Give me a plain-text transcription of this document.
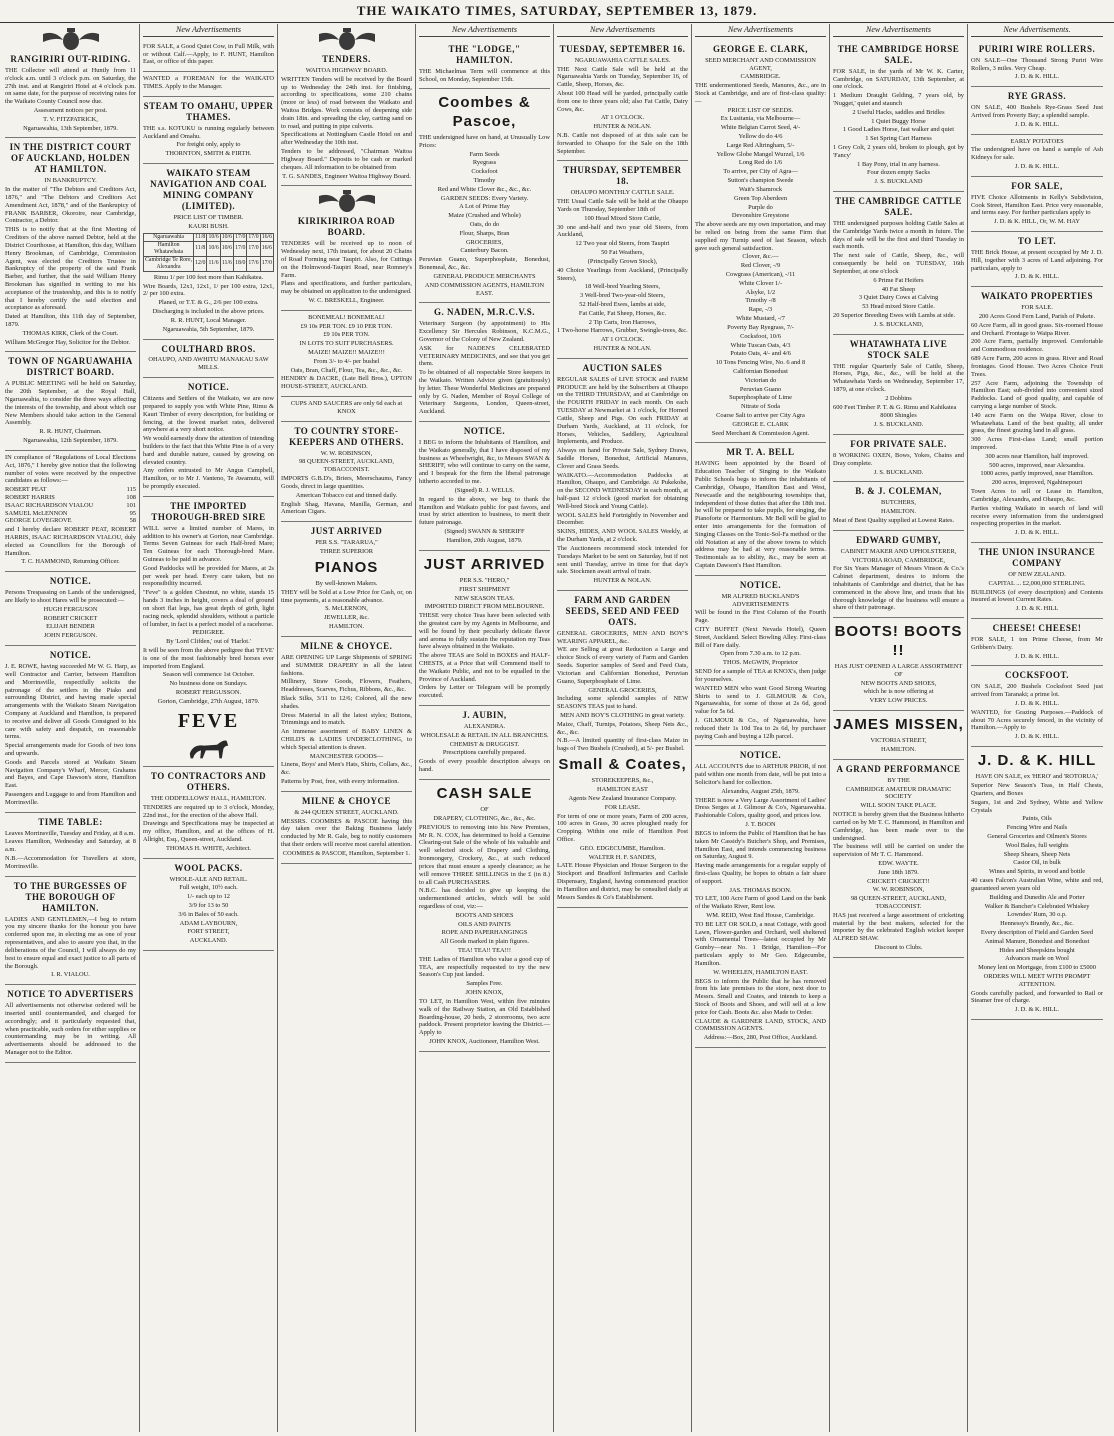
THE WAIKATO TIMES, SATURDAY, SEPTEMBER 13, 1879.
RANGIRIRI OUT-RIDING.
THE Collector will attend at Huntly from 11 o'clock a.m. until 3 o'clock p.m. on Saturday, the 27th inst. and at Rangiriri Hotel at 4 o'clock p.m. on same date, for the purpose of receiving rates for the Waikato County Council now due.
Assessment notices per post.
T. V. FITZPATRICK,
Ngaruawahia, 13th September, 1879.
IN THE DISTRICT COURT OF AUCKLAND, HOLDEN AT HAMILTON.
IN BANKRUPTCY.
In the matter of "The Debtors and Creditors Act, 1876," and "The Debtors and Creditors Act Amendment Act, 1878," and of the Bankruptcy of FRANK BARBER, Okoroire, near Cambridge, Contractor, a Debtor.
THIS is to notify that at the first Meeting of Creditors of the above named Debtor, held at the District Courthouse, at Hamilton, this day, William Henry Brookman, of Cambridge, Commission Agent, was elected the Creditors Trustee in Bankruptcy of the property of the said Frank Barber, and further, that the said William Henry Brookman has signified in writing to me his acceptance of the trusteeship, and this is to notify that I hereby certify the said election and acceptance as aforesaid.
Dated at Hamilton, this 11th day of September, 1879.
THOMAS KIRK, Clerk of the Court.
William McGregor Hay, Solicitor for the Debtor.
TOWN OF NGARUAWAHIA DISTRICT BOARD.
A PUBLIC MEETING will be held on Saturday, the 20th September, at the Royal Hall, Ngaruawahia, to consider the three ways affecting the interests of the township, and about which our New Members should take action in the General Assembly.
R. R. HUNT, Chairman.
Ngaruawahia, 12th September, 1879.
IN compliance of "Regulations of Local Elections Act, 1876," I hereby give notice that the following number of votes were received by the respective candidates as follows:—
ROBERT PEAT	115
ROBERT HARRIS	108
ISAAC RICHARDSON VIALOU	101
SAMUEL McLENNON	95
GEORGE LOVEGROVE	58
and I hereby declare ROBERT PEAT, ROBERT HARRIS, ISAAC RICHARDSON VIALOU, duly elected as Councillors for the Borough of Hamilton.
T. C. HAMMOND, Returning Officer.
NOTICE.
Persons Trespassing on Lands of the undersigned, are likely to shoot Hares will be prosecuted:—
HUGH FERGUSON
ROBERT CRICKET
ELIJAH BENDER
JOHN FERGUSON.
NOTICE.
J. E. ROWE, having succeeded Mr W. G. Harp, as well Contractor and Carrier, between Hamilton and Morrinsville, respectfully solicits the patronage of the settlers in the Piako and surrounding District, and having made special arrangements with the Waikato Steam Navigation Company at Auckland and Hamilton, is prepared to receive and deliver all Goods Consigned to his care with safety and despatch, on reasonable terms.
Special arrangements made for Goods of two tons and upwards.
Goods and Parcels stored at Waikato Steam Navigation Company's Wharf, Mercer, Grahams and Bayes, and Cape Dawson's store, Hamilton East.
Passengers and Luggage to and from Hamilton and Morrinsville.
TIME TABLE:
Leaves Morrinsville, Tuesday and Friday, at 8 a.m.
Leaves Hamilton, Wednesday and Saturday, at 8 a.m.
N.B.—Accommodation for Travellers at store, Morrinsville.
TO THE BURGESSES OF THE BOROUGH OF HAMILTON.
LADIES AND GENTLEMEN,—I beg to return you my sincere thanks for the honour you have conferred upon me, in electing me as one of your representatives, and also to assure you that, in the deliberations of the Council, I will always do my best to ensure equal and exact justice to all parts of the Borough.
I. R. VIALOU.
NOTICE TO ADVERTISERS
All advertisements not otherwise ordered will be inserted until countermanded, and charged for accordingly; and it particularly requested that, when practicable, such orders for either supplies or countermanding may be in writing. All advertisements should be addressed to the Manager not to the Editor.
New Advertisements
FOR SALE, a Good Quiet Cow, in Full Milk, with or without Calf.—Apply, to F. HUNT, Hamilton East, or office of this paper.
WANTED a FOREMAN for the WAIKATO TIMES. Apply to the Manager.
STEAM TO OMAHU, UPPER THAMES.
THE s.s. KOTUKU is running regularly between Auckland and Omahu.
For freight only, apply to
THORNTON, SMITH & FIRTH.
WAIKATO STEAM NAVIGATION AND COAL MINING COMPANY (LIMITED).
PRICE LIST OF TIMBER.
KAURI BUSH.
Ngaruawahia	11/8	10/6	10/6	17/0	17/0	16/6
Hamilton Whatawhata	11/8	10/6	10/6	17/0	17/0	16/6
Cambridge Te Rore, Alexandra	12/0	11/6	11/6	18/0	17/6	17/0
Rimu 1/ per 100 feet more than Kahikatea.
Wire Boards, 12x1, 12x1, 1/ per 100 extra, 12x1, 2/ per 100 extra.
Planed, or T.T. & G., 2/6 per 100 extra.
Discharging is included in the above prices.
R. R. HUNT, Local Manager.
Ngaruawahia, 5th September, 1879.
COULTHARD BROS.
OHAUPO, AND AWHITU MANAKAU SAW MILLS.
NOTICE.
Citizens and Settlers of the Waikato, we are now prepared to supply you with White Pine, Rimu & Kauri Timber of every description, for building or fencing, at the lowest market rates, delivered anywhere at a very short notice.
We would earnestly draw the attention of intending builders to the fact that this White Pine is of a very hard and durable nature, caused by growing on elevated country.
Any orders entrusted to Mr Angus Campbell, Hamilton, or to Mr J. Vanteno, Te Awamutu, will be promptly executed.
THE IMPORTED THOROUGH-BRED SIRE
WILL serve a limited number of Mares, in addition to his owner's at Gorton, near Cambridge. Terms Seven Guineas for each Half-bred Mare; Ten Guineas for each Thorough-bred Mare. Guineas to be paid in advance.
Good Paddocks will be provided for Mares, at 2s per week per head. Every care taken, but no responsibility incurred.
"Feve" is a golden Chestnut, no white, stands 15 hands 3 inches in height, covers a deal of ground on short flat legs, has great depth of girth, light racing neck, splendid shoulders, without a particle of lumber, in fact is a perfect model of a racehorse.
PEDIGREE.
By 'Lord Clifden,' out of 'Harlot.'
It will be seen from the above pedigree that 'FEVE' is one of the most fashionably bred horses ever imported from England.
Season will commence 1st October.
No business done on Sundays.
ROBERT FERGUSSON.
Gorton, Cambridge, 27th August, 1879.
FEVE
TO CONTRACTORS AND OTHERS.
THE ODDFELLOWS' HALL, HAMILTON.
TENDERS are required up to 3 o'clock, Monday, 22nd inst., for the erection of the above Hall.
Drawings and Specifications may be inspected at my office, Hamilton, and at the offices of H. Allright, Esq., Queen-street, Auckland.
THOMAS H. WHITE, Architect.
WOOL PACKS.
WHOLE-ALE AND RETAIL.
Full weight, 10½ each.
1/- each up to 12
3/9 for 13 to 50
3/6 in Bales of 50 each.
ADAM LAYBOURN,
FORT STREET,
AUCKLAND.
TENDERS.
WAITOA HIGHWAY BOARD.
WRITTEN Tenders will be received by the Board up to Wednesday the 24th inst. for finishing, according to specifications, some 210 chains (more or less) of road between the Waikato and Waitoa Bridges. Work consists of deepening side drain 18in. and spreading the clay, carting sand on to road, and putting in pipe culverts.
Specifications at Nottingham Castle Hotel on and after Wednesday the 10th inst.
Tenders to be addressed, "Chairman Waitoa Highway Board." Deposits to be cash or marked cheques. All information to be obtained from
T. G. SANDES, Engineer Waitoa Highway Board.
KIRIKIRIROA ROAD BOARD.
TENDERS will be received up to noon of Wednesday next, 17th instant, for about 20 Chains of Road Forming near Taupiri. Also, for Cuttings on the Holmwood-Taupiri Road, near Romney's Farm.
Plans and specifications, and further particulars, may be obtained on application to the undersigned.
W. C. BRESKELL, Engineer.
BONEMEAL! BONEMEAL!
£9 10s PER TON. £9 10 PER TON.
£9 10s PER TON.
IN LOTS TO SUIT PURCHASERS.
MAIZE! MAIZE!! MAIZE!!!
From 3/- to 4/- per bushel
Oats, Bran, Chaff, Flour, Tea, &c., &c., &c.
HENDRY & DACRE, (Late Bell Bros.), UPTON HOUSE-STREET, AUCKLAND.
CUPS AND SAUCERS are only 6d each at KNOX
TO COUNTRY STORE-KEEPERS AND OTHERS.
W. W. ROBINSON,
98 QUEEN-STREET, AUCKLAND, TOBACCONIST.
IMPORTS G.B.D's, Briers, Meerschaums, Fancy Goods, direct in large quantities.
American Tobacco cut and tinned daily.
English Shag, Havana, Manilla, German, and American Cigars.
JUST ARRIVED
PER S.S. "TARARUA,"
THREE SUPERIOR
PIANOS
By well-known Makers.
THEY will be Sold at a Low Price for Cash, or, on time payments, at a reasonable advance.
S. McLERNON,
JEWELLER, &c.
HAMILTON.
MILNE & CHOYCE.
ARE OPENING UP Large Shipments of SPRING and SUMMER DRAPERY in all the latest fashions.
Millinery, Straw Goods, Flowers, Feathers, Headdresses, Scarves, Fichus, Ribbons, &c., &c.
Black Silks, 3/11 to 12/6; Colored, all the new shades.
Dress Material in all the latest styles; Buttons, Trimmings and to match.
An immense assortment of BABY LINEN & CHILD'S & LADIES UNDERCLOTHING, to which Special attention is drawn.
MANCHESTER GOODS—
Linens, Boys' and Men's Hats, Shirts, Collars, &c., &c.
Patterns by Post, free, with every information.
MILNE & CHOYCE
& 244 QUEEN STREET, AUCKLAND.
MESSRS. COOMBES & PASCOE having this day taken over the Baking Business lately conducted by Mr R. Gale, beg to notify customers that their orders will receive most careful attention.
COOMBES & PASCOE, Hamilton, September 1.
New Advertisements
THE "LODGE," HAMILTON.
THE Michaelmas Term will commence at this School, on Monday, September 15th.
Coombes & Pascoe,
THE undersigned have on hand, at Unusually Low Prices:
Farm Seeds
Ryegrass
Cocksfoot
Timothy
Red and White Clover &c., &c., &c.
GARDEN SEEDS: Every Variety.
A Lot of Prime Hay
Maize (Crushed and Whole)
Oats, do do
Flour, Sharps, Bran
GROCERIES,
Canterbury Bacon.
Peruvian Guano, Superphosphate, Bonedust, Bonemeal, &c., &c.
GENERAL PRODUCE MERCHANTS
AND COMMISSION AGENTS, HAMILTON EAST.
G. NADEN, M.R.C.V.S.
Veterinary Surgeon (by appointment) to His Excellency Sir Hercules Robinson, K.C.M.G., Governor of the Colony of New Zealand.
ASK for NADEN'S CELEBRATED VETERINARY MEDICINES, and see that you get them.
To be obtained of all respectable Store keepers in the Waikato. Written Advice given (gratuitously) by letter. These Wonderful Medicines are prepared only by G. Naden, Member of Royal College of Veterinary Surgeons, London, Queen-street, Auckland.
NOTICE.
I BEG to inform the Inhabitants of Hamilton, and the Waikato generally, that I have disposed of my business as Wheelwright, &c, to Messrs SWAN & SHERIFF, who will continue to carry on the same, and I bespeak for the firm the liberal patronage hitherto accorded to me.
(Signed) R. J. WELLS.
In regard to the above, we beg to thank the Hamilton and Waikato public for past favors, and trust by strict attention to business, to merit their future patronage.
(Signed) SWANN & SHERIFF
Hamilton, 20th August, 1879.
JUST ARRIVED
PER S.S. "HERO,"
FIRST SHIPMENT
NEW SEASON TEAS.
IMPORTED DIRECT FROM MELBOURNE.
THESE very choice Teas have been selected with the greatest care by my Agents in Melbourne, and will be found by their peculiarly delicate flavor and aroma to fully sustain the reputation my Teas have always obtained in the Waikato.
The above TEAS are Sold in BOXES and HALF-CHESTS, at a Price that will Commend itself to the Waikato Public, and not to be equalled in the Province of Auckland.
Orders by Letter or Telegram will be promptly executed.
J. AUBIN,
ALEXANDRA.
WHOLESALE & RETAIL IN ALL BRANCHES.
CHEMIST & DRUGGIST.
Prescriptions carefully prepared.
Goods of every possible description always on hand.
CASH SALE
OF
DRAPERY, CLOTHING, &c., &c., &c.
PREVIOUS to removing into his New Premises, Mr R. N. COX, has determined to hold a Genuine Clearing-out Sale of the whole of his valuable and well selected stock of Drapery and Clothing, Ironmongery, Crockery, &c., at such reduced prices that must ensure a speedy clearance; as he will remove THREE SHILLINGS in the £ (in 8.) to all Cash PURCHASERS.
N.B.C. has decided to give up keeping the undermentioned articles, which will be sold regardless of cost, viz:—
BOOTS AND SHOES
OILS AND PAINTS
ROPE AND PAPERHANGINGS
All Goods marked in plain figures.
TEA! TEA!! TEA!!!
THE Ladies of Hamilton who value a good cup of TEA, are respectfully requested to try the new Season's Cup just landed.
Samples Free.
JOHN KNOX,
TO LET, in Hamilton West, within five minutes walk of the Railway Station, an Old Established Boarding-house, 20 beds, 2 storerooms, two acre paddock. Present proprietor leaving the District.—Apply to
JOHN KNOX, Auctioneer, Hamilton West.
New Advertisements
TUESDAY, SEPTEMBER 16.
NGARUAWAHIA CATTLE SALES.
THE Next Cattle Sale will be held at the Ngaruawahia Yards on Tuesday, September 16, of Cattle, Sheep, Horses, &c.
About 100 Head will be yarded, principally cattle from one to three years old; also Fat Cattle, Dairy Cows, &c.
AT 1 O'CLOCK.
HUNTER & NOLAN.
N.B. Cattle not disposed of at this sale can be forwarded to Ohaupo for the Sale on the 18th September.
THURSDAY, SEPTEMBER 18.
OHAUPO MONTHLY CATTLE SALE.
THE Usual Cattle Sale will be held at the Ohaupo Yards on Thursday, September 18th of
100 Head Mixed Store Cattle,
30 one and-half and two year old Steers, from Auckland,
12 Two year old Steers, from Taupiri
50 Fat Weathers,
(Principally Grown Stock),
40 Choice Yearlings from Auckland, (Principally Steers),
18 Well-bred Yearling Steers,
3 Well-bred Two-year-old Steers,
52 Half-bred Ewes, lambs at side,
Fat Cattle, Fat Sheep, Horses, &c.
2 Tip Carts, Iron Harrows,
1 Two-horse Harrows, Grubber, Swingle-trees, &c.
AT 1 O'CLOCK.
HUNTER & NOLAN.
AUCTION SALES
REGULAR SALES of LIVE STOCK and FARM PRODUCE are held by the Subscribers at Ohaupo on the THIRD THURSDAY, and at Cambridge on the FOURTH FRIDAY in each month. On each TUESDAY at Newmarket at 1 o'clock, for Horned Cattle, Sheep and Pigs. On each FRIDAY at Durham Yards, Auckland, at 11 o'clock, for Horses, Vehicles, Saddlery, Agricultural Implements, and Produce.
Always on hand for Private Sale, Sydney Draws, Saddle Horses, Bonedust, Artificial Manures, Clover and Grass Seeds.
WAIKATO.—Accommodation Paddocks at Hamilton, Ohaupo, and Cambridge. At Pukekohe, on the SECOND WEDNESDAY in each month, at half-past 12 o'clock (good market for obtaining Well-bred Stock and Young Cattle).
WOOL SALES held Fortnightly in November and December.
SKINS, HIDES, AND WOOL SALES Weekly, at the Durham Yards, at 2 o'clock.
The Auctioneers recommend stock intended for Tuesdays Market to be sent on Saturday, but if not sent until Tuesday, arrive in time for that day's sale. Stockmen await arrival of train.
HUNTER & NOLAN.
FARM AND GARDEN SEEDS, SEED AND FEED OATS.
GENERAL GROCERIES, MEN AND BOY'S WEARING APPAREL, &c.
WE are Selling at great Reduction a Large and choice Stock of every variety of Farm and Garden Seeds. Superior samples of Seed and Feed Oats, Victorian and Californian Bonedust, Peruvian Guano, Superphosphate of Lime.
GENERAL GROCERIES,
Including some splendid samples of NEW SEASON'S TEAS just to hand.
MEN AND BOY'S CLOTHING in great variety.
Maize, Chaff, Turnips, Potatoes, Sheep Nets &c., &c., &c.
N.B.—A limited quantity of first-class Maize in bags of Two Bushels (Crushed), at 5/- per Bushel.
Small & Coates,
STOREKEEPERS, &c.,
HAMILTON EAST
Agents New Zealand Insurance Company.
FOR LEASE.
For term of one or more years, Farm of 200 acres, 100 acres in Grass, 30 acres ploughed ready for Cropping. Within one mile of Hamilton Post Office.
GEO. EDGECUMBE, Hamilton.
WALTER H. F. SANDES,
LATE House Physician and House Surgeon to the Stockport and Bradford Infirmaries and Carlisle Dispensary, England, having commenced practice in Hamilton and district, may be consulted daily at Messrs Sandes & Co's Establishment.
New Advertisements
GEORGE E. CLARK,
SEED MERCHANT AND COMMISSION AGENT,
CAMBRIDGE.
THE undermentioned Seeds, Manures, &c., are in Stock at Cambridge, and are of first-class quality:—
PRICE LIST OF SEEDS.
Ex Lusitania, via Melbourne—
White Belgian Carrot Seed, 4/-
Yellow do do 4/6
Large Red Altringham, 5/-
Yellow Globe Mangel Wurzel, 1/6
Long Red do 1/6
To arrive, per City of Agra—
Sutton's champion Swede
Wait's Shamrock
Green Top Aberdeen
Purple do
Devonshire Greystone
The above seeds are my own importation, and may be relied on being from the same Firm that supplied my Turnip seed of last Season, which gave such general satisfaction.
Clover, &c.—
Red Clover, -/9
Cowgrass (American), -/11
White Clover 1/-
Alsyke, 1/2
Timothy -/8
Rape, -/3
White Mustard, -/7
Poverty Bay Ryegrass, 7/-
Cocksfoot, 10/6
White Tuscan Oats, 4/3
Potato Oats, 4/- and 4/6
10 Tons Fencing Wire, No. 6 and 8
Californian Bonedust
Victorian do
Peruvian Guano
Superphosphate of Lime
Nitrate of Soda
Coarse Salt to arrive per City Agra
GEORGE E. CLARK
Seed Merchant & Commission Agent.
MR T. A. BELL
HAVING been appointed by the Board of Education Teacher of Singing to the Waikato Public Schools begs to inform the inhabitants of Cambridge, Ohaupo, Hamilton East and West, Newcastle and the neighbouring townships that, independent of those duties that after the 18th inst. he will be prepared to take pupils, for singing, the Pianoforte or Harmonium. Mr Bell will be glad to enter into arrangements for the formation of Singing Classes on the Tonic-Sol-Fa method or the old Notation at any of the above towns to which address may be had at very reasonable terms. Testimonials as to ability, &c., may be seen at Captain Dawson's Hast Hamilton.
NOTICE.
MR ALFRED BUCKLAND'S ADVERTISEMENTS
Will be found in the First Column of the Fourth Page.
CITY BUFFET (Next Nevada Hotel), Queen Street, Auckland. Select Bowling Alley. First-class Bill of Fare daily.
Open from 7.30 a.m. to 12 p.m.
THOS. McGWIN, Proprietor
SEND for a sample of TEA at KNOX's, then judge for yourselves.
WANTED MEN who want Good Strong Wearing Shirts to send to J. GILMOUR & Co's, Ngaruawahia, for some of those at 2s 6d, good value for 5s 6d.
J. GILMOUR & Co., of Ngaruawahia, have reduced their 1s 10d Tea to 2s 6d, by purchaser paying Cash and buying a 12lb parcel.
NOTICE.
ALL ACCOUNTS due to ARTHUR PRIOR, if not paid within one month from date, will be put into a Solicitor's hand for collection.
Alexandra, August 25th, 1879.
THERE is now a Very Large Assortment of Ladies' Dress Serges at J. Gilmour & Co's, Ngaruawahia. Fashionable Colors, quality good, and prices low.
J. T. BOON
BEGS to inform the Public of Hamilton that he has taken Mr Cassidy's Butcher's Shop, and Premises, Hamilton East, and intends commencing business on Saturday, August 9.
Having made arrangements for a regular supply of first-class Quality, he hopes to obtain a fair share of support.
JAS. THOMAS BOON.
TO LET, 100 Acre Farm of good Land on the bank of the Waikato River, Rent low.
WM. REID, West End House, Cambridge.
TO BE LET OR SOLD, a neat Cottage, with good Lawn, Flower-garden and Orchard, well sheltered with Ornamental Trees—latest occupied by Mr Gumby—near No. 1 Bridge, Hamilton—For particulars apply to Mr Geo. Edgecumbe, Hamilton.
W. WHEELEN, HAMILTON EAST.
BEGS to inform the Public that he has removed from his late premises to the store, next door to Messrs. Small and Coates, and intends to keep a Stock of Boots and Shoes, and will sell at a low price for Cash. Boots &c. also Made to Order.
CLAUDE & GARDNER LAND, STOCK, AND COMMISSION AGENTS.
Address:—Box, 280, Post Office, Auckland.
New Advertisements
THE CAMBRIDGE HORSE SALE.
FOR SALE, in the yards of Mr W. K. Carter, Cambridge, on SATURDAY, 13th September, at one o'clock.
1 Medium Draught Gelding, 7 years old, by 'Nugget,' quiet and staunch
2 Useful Hacks, saddles and Bridles
1 Quiet Buggy Horse
1 Good Ladies Horse, fast walker and quiet
1 Set Spring Cart Harness
1 Grey Colt, 2 years old, broken to plough, got by 'Fancy'
1 Bay Pony, trial in any harness.
Four dozen empty Sacks
J. S. BUCKLAND
THE CAMBRIDGE CATTLE SALE.
THE undersigned purposes holding Cattle Sales at the Cambridge Yards twice a month in future. The days of sale will be the first and third Tuesday in each month.
The next sale of Cattle, Sheep, &c., will consequently be held on TUESDAY, 16th September, at one o'clock
6 Prime Fat Heifers
40 Fat Sheep
3 Quiet Dairy Cows at Calving
53 Head mixed Store Cattle.
20 Superior Breeding Ewes with Lambs at side.
J. S. BUCKLAND,
WHATAWHATA LIVE STOCK SALE
THE regular Quarterly Sale of Cattle, Sheep, Horses, Pigs, &c., &c., will be held at the Whatawhata Yards on Wednesday, September 17, 1879, at one o'clock.
2 Dobbins
600 Feet Timber P. T. & G. Rimu and Kahikatea
8000 Shingles
J. S. BUCKLAND.
FOR PRIVATE SALE.
8 WORKING OXEN, Bows, Yokes, Chains and Dray complete.
J. S. BUCKLAND.
B. & J. COLEMAN,
BUTCHERS,
HAMILTON.
Meat of Best Quality supplied at Lowest Rates.
EDWARD GUMBY,
CABINET MAKER AND UPHOLSTERER,
VICTORIA ROAD, CAMBRIDGE,
For Six Years Manager of Messrs Vinson & Co.'s Cabinet department, desires to inform the inhabitants of Cambridge and district, that he has commenced in the above line, and trusts that his thorough knowledge of the business will ensure a share of their patronage.
BOOTS! BOOTS !!
HAS JUST OPENED A LARGE ASSORTMENT OF
NEW BOOTS AND SHOES,
which he is now offering at
VERY LOW PRICES.
JAMES MISSEN,
VICTORIA STREET,
HAMILTON.
A GRAND PERFORMANCE
BY THE
CAMBRIDGE AMATEUR DRAMATIC SOCIETY
WILL SOON TAKE PLACE.
NOTICE is hereby given that the Business hitherto carried on by Mr T. C. Hammond, in Hamilton and Cambridge, has been made over to the undersigned.
The business will still be carried on under the supervision of Mr T. C. Hammond.
EDW. WAYTE.
June 18th 1879.
CRICKET! CRICKET!!
W. W. ROBINSON,
98 QUEEN-STREET, AUCKLAND, TOBACCONIST.
HAS just received a large assortment of cricketing material by the best makers, selected for the importer by the celebrated English wicket keeper ALFRED SHAW.
Discount to Clubs.
New Advertisements.
PURIRI WIRE ROLLERS.
ON SALE—One Thousand Strong Puriri Wire Rollers, 3 miles. Very Cheap.
J. D. & K. HILL.
RYE GRASS.
ON SALE, 400 Bushels Rye-Grass Seed Just Arrived from Poverty Bay; a splendid sample.
J. D. & K. HILL.
EARLY POTATOES
The undersigned have on hand a sample of Ash Kidneys for sale.
J. D. & K. HILL.
FOR SALE,
FIVE Choice Allotments in Kelly's Subdivision, Cook Street, Hamilton East. Price very reasonable, and terms easy. For further particulars apply to
J. D. & K. HILL, Or, W. M. HAY
TO LET.
THE Brick House, at present occupied by Mr J. D. Hill, together with 3 acres of Land adjoining. For particulars, apply to
J. D. & K. HILL.
WAIKATO PROPERTIES
FOR SALE.
200 Acres Good Fern Land, Parish of Pukete.
60 Acre Farm, all in good grass. Six-roomed House and Orchard. Frontage to Waipa River.
200 Acre Farm, partially improved. Comfortable and Commodious residence.
689 Acre Farm, 200 acres in grass. River and Road frontages. Good House. Two Acres Choice Fruit Trees.
257 Acre Farm, adjoining the Township of Hamilton East; sub-divided into convenient sized Paddocks. Land of good quality, and capable of carrying a large number of Stock.
140 acre Farm on the Waipa River, close to Whatawhata. Land of the best quality, all under grass, the finest grazing land in all grass.
300 Acres First-class Land; small portion improved.
300 acres near Hamilton, half improved.
500 acres, improved, near Alexandra.
1000 acres, partly improved, near Hamilton.
200 acres, improved, Ngahinepouri
Town Acres to sell or Lease in Hamilton, Cambridge, Alexandra, and Ohaupo, &c.
Parties visiting Waikato in search of land will receive every information from the undersigned respecting properties in the market.
J. D. & K. HILL.
THE UNION INSURANCE COMPANY
OF NEW ZEALAND.
CAPITAL ... £2,000,000 STERLING.
BUILDINGS (of every description) and Contents insured at lowest Current Rates.
J. D. & K. HILL
CHEESE! CHEESE!
FOR SALE, 1 ton Prime Cheese, from Mr Gribben's Dairy.
J. D. & K. HILL.
COCKSFOOT.
ON SALE, 200 Bushels Cocksfoot Seed just arrived from Taranaki; a prime lot.
J. D. & K. HILL.
WANTED, for Grazing Purposes.—Paddock of about 70 Acres securely fenced, in the vicinity of Hamilton.—Apply to
J. D. & K. HILL.
J. D. & K. HILL
HAVE ON SALE, ex 'HERO' and 'ROTORUA,'
Superior New Season's Teas, in Half Chests, Quarters, and Boxes
Sugars, 1st and 2nd Sydney, White and Yellow Crystals
Paints, Oils
Fencing Wire and Nails
General Groceries and Oilmen's Stores
Wool Bales, full weights
Sheep Shears, Sheep Nets
Castor Oil, in bulk
Wines and Spirits, in wood and bottle
40 cases Falcon's Australian Wine, white and red, guaranteed seven years old
Building and Dunedin Ale and Porter
Walker & Bancher's Celebrated Whiskey
Lowndes' Rum, 30 o.p.
Hennessy's Brandy, &c., &c.
Every description of Field and Garden Seed
Animal Manure, Bonedust and Bonedust
Hides and Sheepskins bought
Advances made on Wool
Money lent on Mortgage, from £100 to £5000
ORDERS WILL MEET WITH PROMPT ATTENTION.
Goods carefully packed, and forwarded to Rail or Steamer free of charge.
J. D. & K. HILL.
